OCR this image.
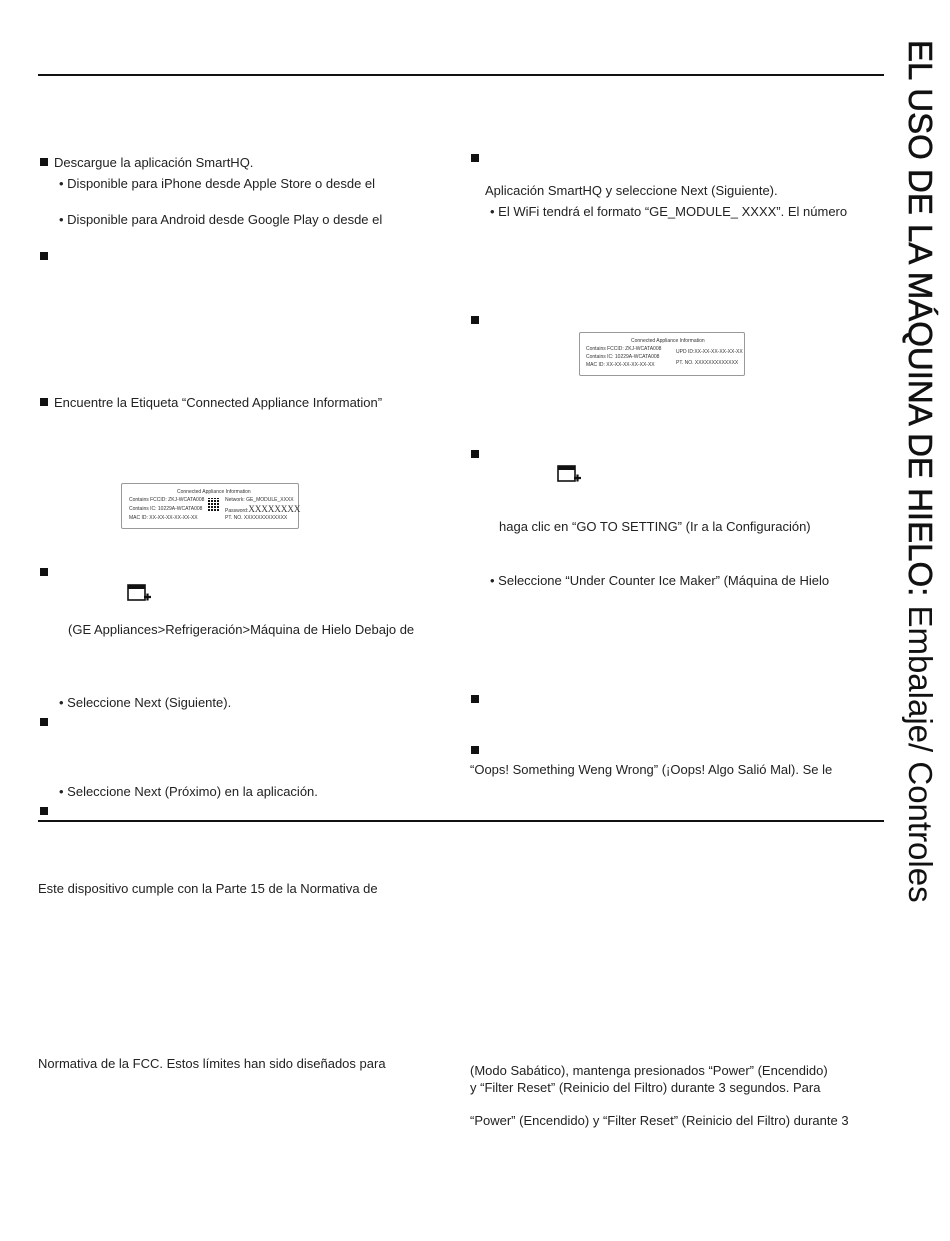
EL USO DE LA MÁQUINA DE HIELO: Embalaje/ Controles
Descargue la aplicación SmartHQ.
• Disponible para iPhone desde Apple Store o desde el
• Disponible para Android desde Google Play o desde el
Encuentre la Etiqueta “Connected Appliance Information”
Connected Appliance Information
Contains FCCID: ZKJ-WCATA008
Contains IC: 10229A-WCATA008
MAC ID: XX-XX-XX-XX-XX-XX
Network: GE_MODULE_XXXX
Password:XXXXXXXX
PT. NO. XXXXXXXXXXXXX
(GE Appliances>Refrigeración>Máquina de Hielo Debajo de
• Seleccione Next (Siguiente).
• Seleccione Next (Próximo) en la aplicación.
Aplicación SmartHQ y seleccione Next (Siguiente).
• El WiFi tendrá el formato “GE_MODULE_ XXXX”. El número
Connected Appliance Information
Contains FCCID: ZKJ-WCATA008
Contains IC: 10229A-WCATA008
MAC ID: XX-XX-XX-XX-XX-XX
UPD ID:XX-XX-XX-XX-XX-XX
PT. NO. XXXXXXXXXXXXX
haga clic en “GO TO SETTING” (Ir a la Configuración)
• Seleccione “Under Counter Ice Maker” (Máquina de Hielo
“Oops! Something Weng Wrong” (¡Oops! Algo Salió Mal). Se le
Este dispositivo cumple con la Parte 15 de la Normativa de
Normativa de la FCC. Estos límites han sido diseñados para	(Modo Sabático), mantenga presionados “Power” (Encendido)
y “Filter Reset” (Reinicio del Filtro) durante 3 segundos. Para
“Power” (Encendido) y “Filter Reset” (Reinicio del Filtro) durante 3
